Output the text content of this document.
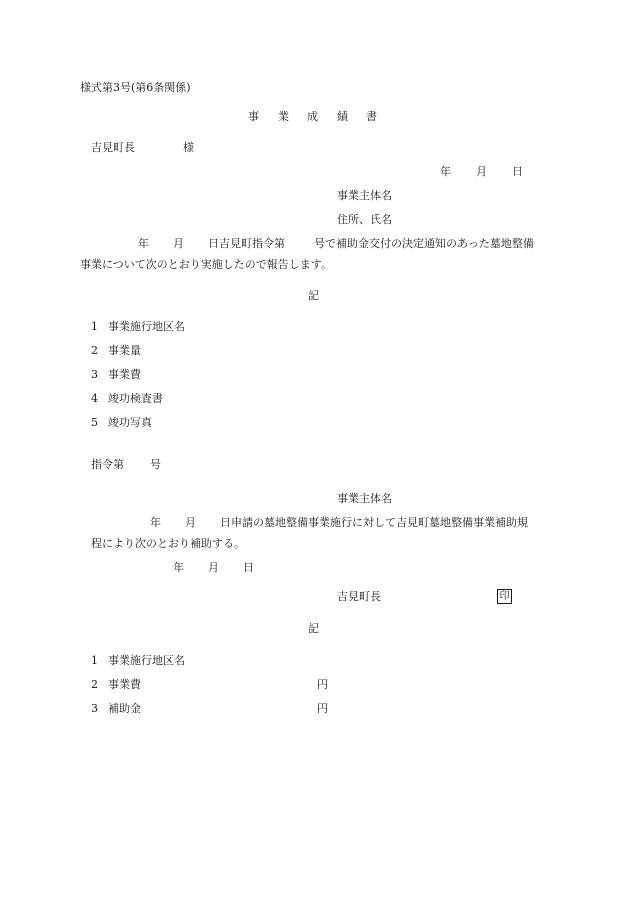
様式第3号(第6条関係)
事 業 成 績 書
吉見町長	様
年 月 日
事業主体名
住所、氏名
年 月 日吉見町指令第	号で補助金交付の決定通知のあった墓地整備
事業について次のとおり実施したので報告します。
記
1 事業施行地区名
2 事業量
3 事業費
4 竣功検査書
5 竣功写真
指令第 号
事業主体名
年 月 日申請の墓地整備事業施行に対して吉見町墓地整備事業補助規
程により次のとおり補助する。
年 月 日
吉見町長	印
記
1 事業施行地区名
2 事業費	円
3 補助金	円
